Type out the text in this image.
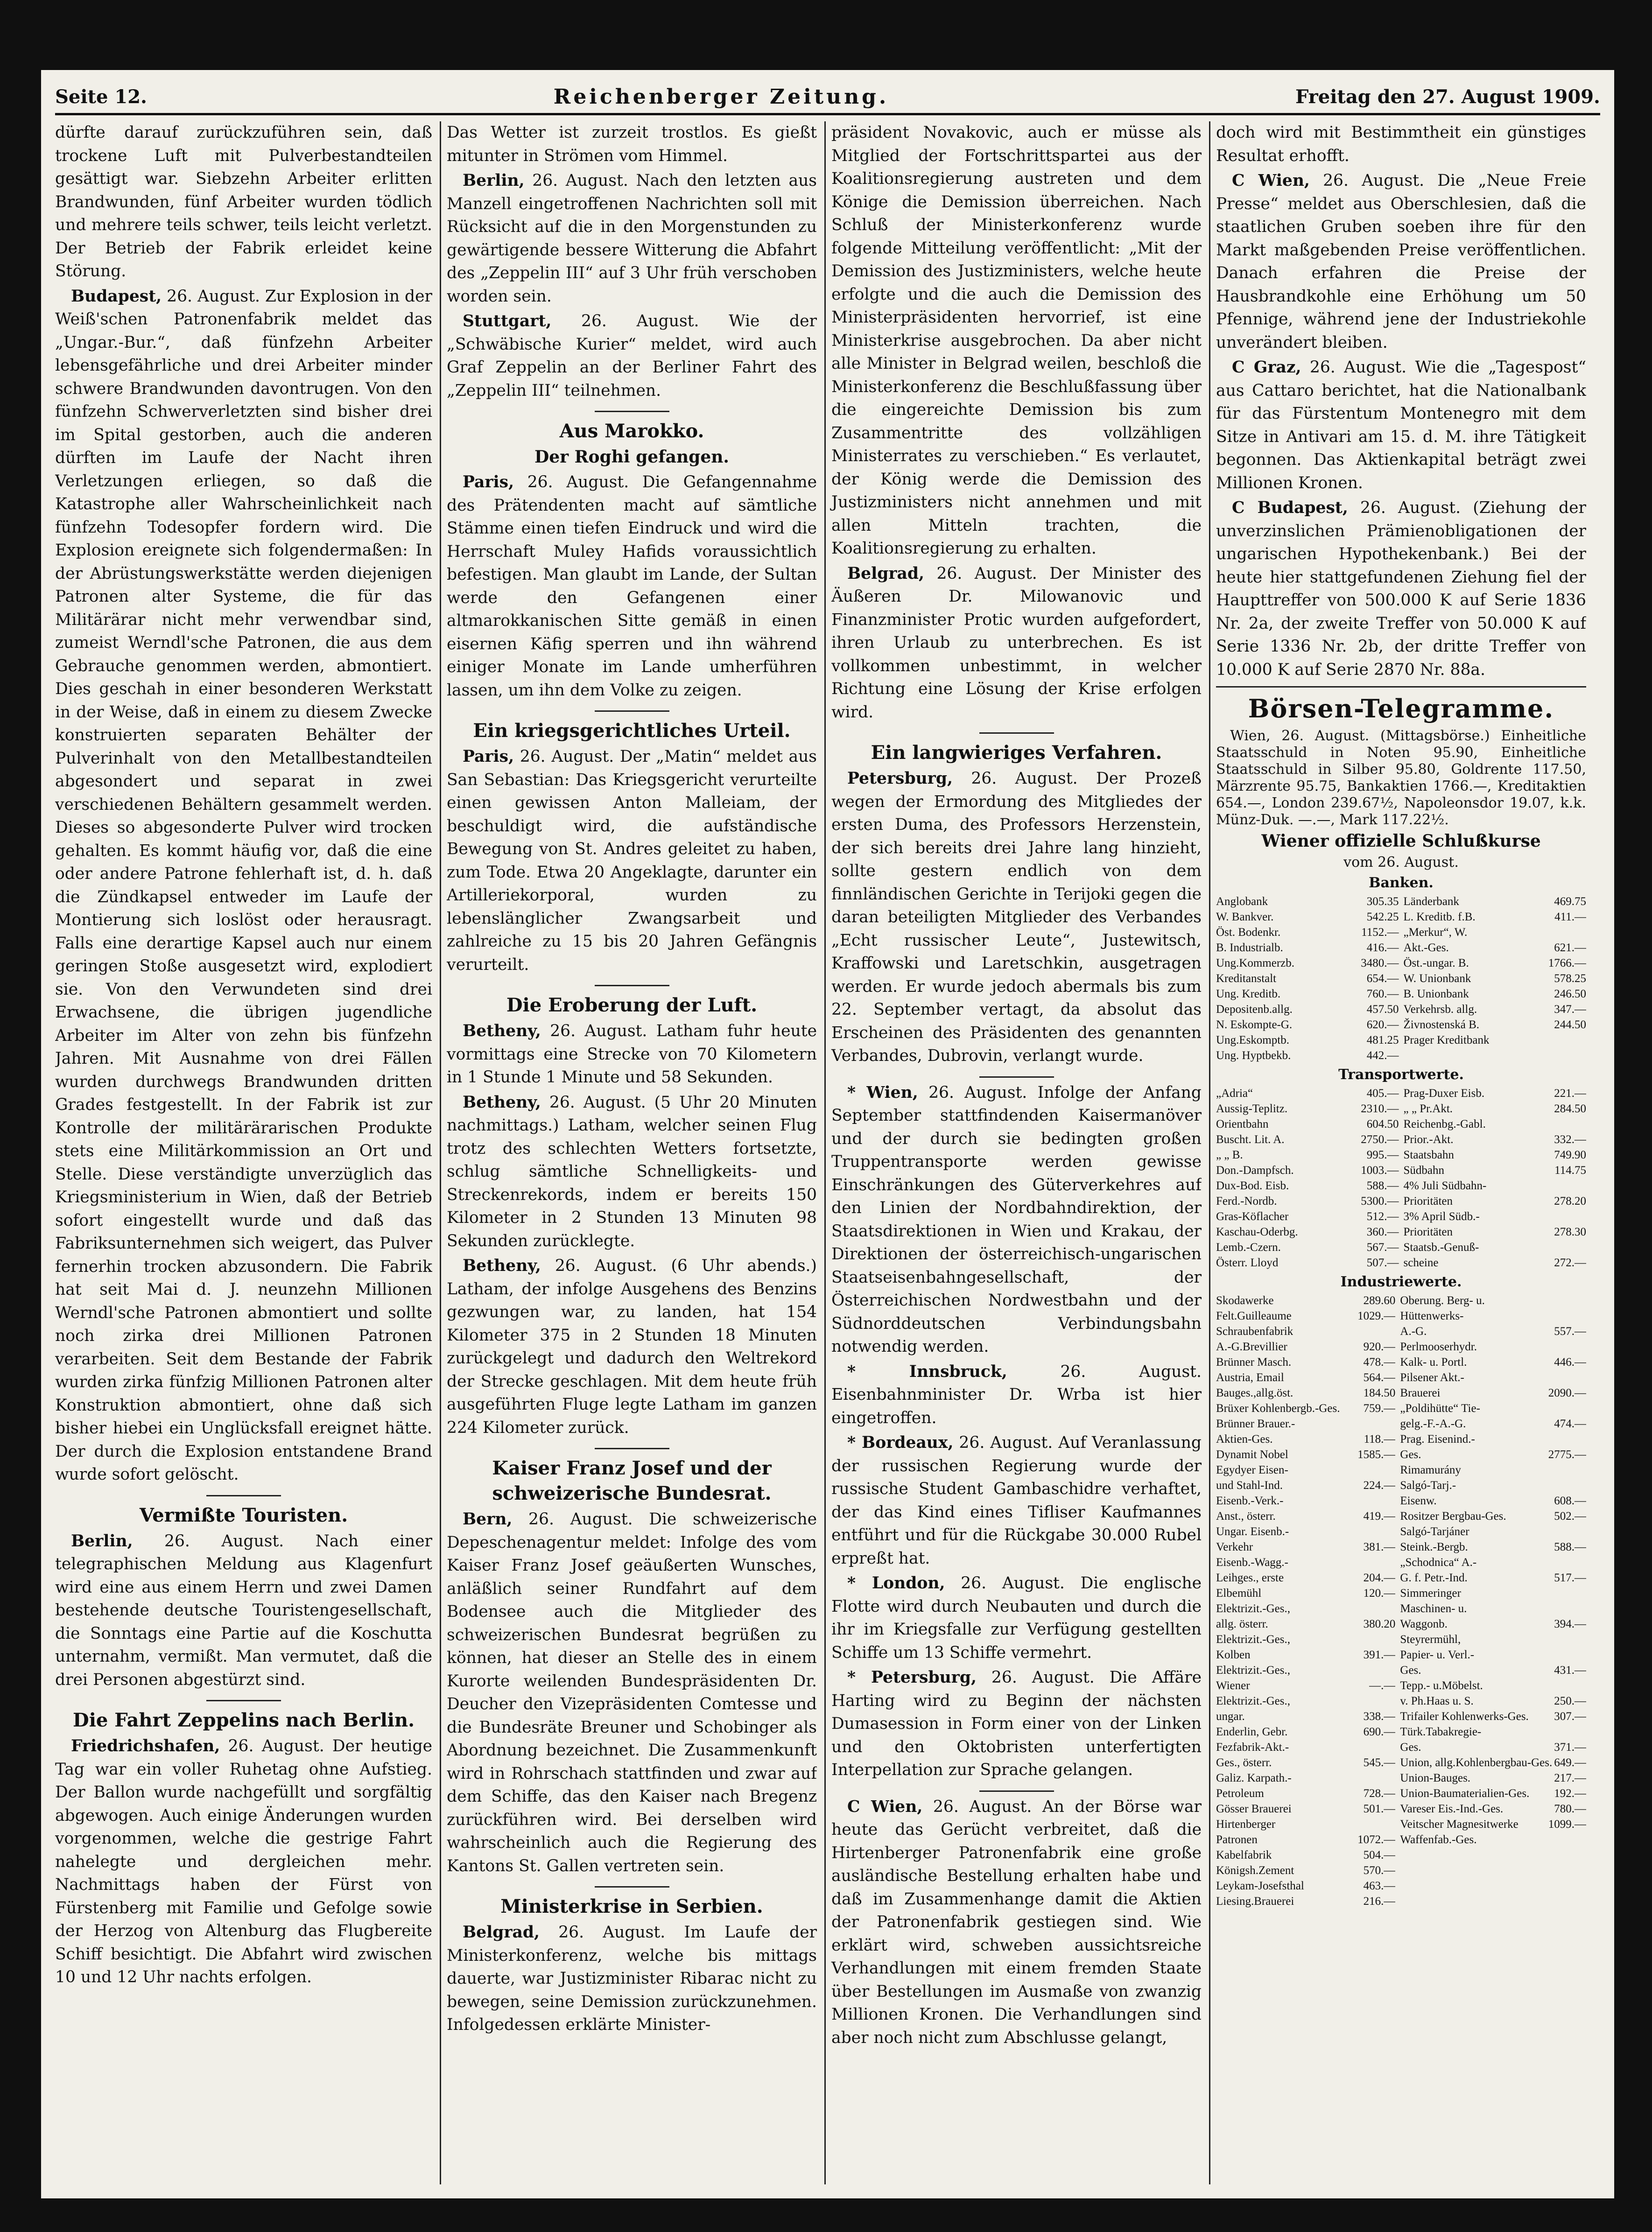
Seite 12.	Reichenberger Zeitung.	Freitag den 27. August 1909.

dürfte darauf zurückzuführen sein, daß trockene Luft mit Pulverbestandteilen gesättigt war. Siebzehn Arbeiter erlitten Brandwunden, fünf Arbeiter wurden tödlich und mehrere teils schwer, teils leicht verletzt. Der Betrieb der Fabrik erleidet keine Störung.

Budapest, 26. August. Zur Explosion in der Weiß'schen Patronenfabrik meldet das „Ungar.-Bur.“, daß fünfzehn Arbeiter lebensgefährliche und drei Arbeiter minder schwere Brandwunden davontrugen. Von den fünfzehn Schwerverletzten sind bisher drei im Spital gestorben, auch die anderen dürften im Laufe der Nacht ihren Verletzungen erliegen, so daß die Katastrophe aller Wahrscheinlichkeit nach fünfzehn Todesopfer fordern wird. Die Explosion ereignete sich folgendermaßen: In der Abrüstungswerkstätte werden diejenigen Patronen alter Systeme, die für das Militärärar nicht mehr verwendbar sind, zumeist Werndl'sche Patronen, die aus dem Gebrauche genommen werden, abmontiert. Dies geschah in einer besonderen Werkstatt in der Weise, daß in einem zu diesem Zwecke konstruierten separaten Behälter der Pulverinhalt von den Metallbestandteilen abgesondert und separat in zwei verschiedenen Behältern gesammelt werden. Dieses so abgesonderte Pulver wird trocken gehalten. Es kommt häufig vor, daß die eine oder andere Patrone fehlerhaft ist, d. h. daß die Zündkapsel entweder im Laufe der Montierung sich loslöst oder herausragt. Falls eine derartige Kapsel auch nur einem geringen Stoße ausgesetzt wird, explodiert sie. Von den Verwundeten sind drei Erwachsene, die übrigen jugendliche Arbeiter im Alter von zehn bis fünfzehn Jahren. Mit Ausnahme von drei Fällen wurden durchwegs Brandwunden dritten Grades festgestellt. In der Fabrik ist zur Kontrolle der militärärarischen Produkte stets eine Militärkommission an Ort und Stelle. Diese verständigte unverzüglich das Kriegsministerium in Wien, daß der Betrieb sofort eingestellt wurde und daß das Fabriksunternehmen sich weigert, das Pulver fernerhin trocken abzusondern. Die Fabrik hat seit Mai d. J. neunzehn Millionen Werndl'sche Patronen abmontiert und sollte noch zirka drei Millionen Patronen verarbeiten. Seit dem Bestande der Fabrik wurden zirka fünfzig Millionen Patronen alter Konstruktion abmontiert, ohne daß sich bisher hiebei ein Unglücksfall ereignet hätte. Der durch die Explosion entstandene Brand wurde sofort gelöscht.

Vermißte Touristen.

Berlin, 26. August. Nach einer telegraphischen Meldung aus Klagenfurt wird eine aus einem Herrn und zwei Damen bestehende deutsche Touristengesellschaft, die Sonntags eine Partie auf die Koschutta unternahm, vermißt. Man vermutet, daß die drei Personen abgestürzt sind.

Die Fahrt Zeppelins nach Berlin.

Friedrichshafen, 26. August. Der heutige Tag war ein voller Ruhetag ohne Aufstieg. Der Ballon wurde nachgefüllt und sorgfältig abgewogen. Auch einige Änderungen wurden vorgenommen, welche die gestrige Fahrt nahelegte und dergleichen mehr. Nachmittags haben der Fürst von Fürstenberg mit Familie und Gefolge sowie der Herzog von Altenburg das Flugbereite Schiff besichtigt. Die Abfahrt wird zwischen 10 und 12 Uhr nachts erfolgen.

Das Wetter ist zurzeit trostlos. Es gießt mitunter in Strömen vom Himmel.

Berlin, 26. August. Nach den letzten aus Manzell eingetroffenen Nachrichten soll mit Rücksicht auf die in den Morgenstunden zu gewärtigende bessere Witterung die Abfahrt des „Zeppelin III“ auf 3 Uhr früh verschoben worden sein.

Stuttgart, 26. August. Wie der „Schwäbische Kurier“ meldet, wird auch Graf Zeppelin an der Berliner Fahrt des „Zeppelin III“ teilnehmen.

Aus Marokko.
Der Roghi gefangen.

Paris, 26. August. Die Gefangennahme des Prätendenten macht auf sämtliche Stämme einen tiefen Eindruck und wird die Herrschaft Muley Hafids voraussichtlich befestigen. Man glaubt im Lande, der Sultan werde den Gefangenen einer altmarokkanischen Sitte gemäß in einen eisernen Käfig sperren und ihn während einiger Monate im Lande umherführen lassen, um ihn dem Volke zu zeigen.

Ein kriegsgerichtliches Urteil.

Paris, 26. August. Der „Matin“ meldet aus San Sebastian: Das Kriegsgericht verurteilte einen gewissen Anton Malleiam, der beschuldigt wird, die aufständische Bewegung von St. Andres geleitet zu haben, zum Tode. Etwa 20 Angeklagte, darunter ein Artilleriekorporal, wurden zu lebenslänglicher Zwangsarbeit und zahlreiche zu 15 bis 20 Jahren Gefängnis verurteilt.

Die Eroberung der Luft.

Betheny, 26. August. Latham fuhr heute vormittags eine Strecke von 70 Kilometern in 1 Stunde 1 Minute und 58 Sekunden.

Betheny, 26. August. (5 Uhr 20 Minuten nachmittags.) Latham, welcher seinen Flug trotz des schlechten Wetters fortsetzte, schlug sämtliche Schnelligkeits- und Streckenrekords, indem er bereits 150 Kilometer in 2 Stunden 13 Minuten 98 Sekunden zurücklegte.

Betheny, 26. August. (6 Uhr abends.) Latham, der infolge Ausgehens des Benzins gezwungen war, zu landen, hat 154 Kilometer 375 in 2 Stunden 18 Minuten zurückgelegt und dadurch den Weltrekord der Strecke geschlagen. Mit dem heute früh ausgeführten Fluge legte Latham im ganzen 224 Kilometer zurück.

Kaiser Franz Josef und der schweizerische Bundesrat.

Bern, 26. August. Die schweizerische Depeschenagentur meldet: Infolge des vom Kaiser Franz Josef geäußerten Wunsches, anläßlich seiner Rundfahrt auf dem Bodensee auch die Mitglieder des schweizerischen Bundesrat begrüßen zu können, hat dieser an Stelle des in einem Kurorte weilenden Bundespräsidenten Dr. Deucher den Vizepräsidenten Comtesse und die Bundesräte Breuner und Schobinger als Abordnung bezeichnet. Die Zusammenkunft wird in Rohrschach stattfinden und zwar auf dem Schiffe, das den Kaiser nach Bregenz zurückführen wird. Bei derselben wird wahrscheinlich auch die Regierung des Kantons St. Gallen vertreten sein.

Ministerkrise in Serbien.

Belgrad, 26. August. Im Laufe der Ministerkonferenz, welche bis mittags dauerte, war Justizminister Ribarac nicht zu bewegen, seine Demission zurückzunehmen. Infolgedessen erklärte Minister-

präsident Novakovic, auch er müsse als Mitglied der Fortschrittspartei aus der Koalitionsregierung austreten und dem Könige die Demission überreichen. Nach Schluß der Ministerkonferenz wurde folgende Mitteilung veröffentlicht: „Mit der Demission des Justizministers, welche heute erfolgte und die auch die Demission des Ministerpräsidenten hervorrief, ist eine Ministerkrise ausgebrochen. Da aber nicht alle Minister in Belgrad weilen, beschloß die Ministerkonferenz die Beschlußfassung über die eingereichte Demission bis zum Zusammentritte des vollzähligen Ministerrates zu verschieben.“ Es verlautet, der König werde die Demission des Justizministers nicht annehmen und mit allen Mitteln trachten, die Koalitionsregierung zu erhalten.

Belgrad, 26. August. Der Minister des Äußeren Dr. Milowanovic und Finanzminister Protic wurden aufgefordert, ihren Urlaub zu unterbrechen. Es ist vollkommen unbestimmt, in welcher Richtung eine Lösung der Krise erfolgen wird.

Ein langwieriges Verfahren.

Petersburg, 26. August. Der Prozeß wegen der Ermordung des Mitgliedes der ersten Duma, des Professors Herzenstein, der sich bereits drei Jahre lang hinzieht, sollte gestern endlich von dem finnländischen Gerichte in Terijoki gegen die daran beteiligten Mitglieder des Verbandes „Echt russischer Leute“, Justewitsch, Kraffowski und Laretschkin, ausgetragen werden. Er wurde jedoch abermals bis zum 22. September vertagt, da absolut das Erscheinen des Präsidenten des genannten Verbandes, Dubrovin, verlangt wurde.

* Wien, 26. August. Infolge der Anfang September stattfindenden Kaisermanöver und der durch sie bedingten großen Truppentransporte werden gewisse Einschränkungen des Güterverkehres auf den Linien der Nordbahndirektion, der Staatsdirektionen in Wien und Krakau, der Direktionen der österreichisch-ungarischen Staatseisenbahngesellschaft, der Österreichischen Nordwestbahn und der Südnorddeutschen Verbindungsbahn notwendig werden.

* Innsbruck, 26. August. Eisenbahnminister Dr. Wrba ist hier eingetroffen.

* Bordeaux, 26. August. Auf Veranlassung der russischen Regierung wurde der russische Student Gambaschidre verhaftet, der das Kind eines Tifliser Kaufmannes entführt und für die Rückgabe 30.000 Rubel erpreßt hat.

* London, 26. August. Die englische Flotte wird durch Neubauten und durch die ihr im Kriegsfalle zur Verfügung gestellten Schiffe um 13 Schiffe vermehrt.

* Petersburg, 26. August. Die Affäre Harting wird zu Beginn der nächsten Dumasession in Form einer von der Linken und den Oktobristen unterfertigten Interpellation zur Sprache gelangen.

C Wien, 26. August. An der Börse war heute das Gerücht verbreitet, daß die Hirtenberger Patronenfabrik eine große ausländische Bestellung erhalten habe und daß im Zusammenhange damit die Aktien der Patronenfabrik gestiegen sind. Wie erklärt wird, schweben aussichtsreiche Verhandlungen mit einem fremden Staate über Bestellungen im Ausmaße von zwanzig Millionen Kronen. Die Verhandlungen sind aber noch nicht zum Abschlusse gelangt,

doch wird mit Bestimmtheit ein günstiges Resultat erhofft.

C Wien, 26. August. Die „Neue Freie Presse“ meldet aus Oberschlesien, daß die staatlichen Gruben soeben ihre für den Markt maßgebenden Preise veröffentlichen. Danach erfahren die Preise der Hausbrandkohle eine Erhöhung um 50 Pfennige, während jene der Industriekohle unverändert bleiben.

C Graz, 26. August. Wie die „Tagespost“ aus Cattaro berichtet, hat die Nationalbank für das Fürstentum Montenegro mit dem Sitze in Antivari am 15. d. M. ihre Tätigkeit begonnen. Das Aktienkapital beträgt zwei Millionen Kronen.

C Budapest, 26. August. (Ziehung der unverzinslichen Prämienobligationen der ungarischen Hypothekenbank.) Bei der heute hier stattgefundenen Ziehung fiel der Haupttreffer von 500.000 K auf Serie 1836 Nr. 2a, der zweite Treffer von 50.000 K auf Serie 1336 Nr. 2b, der dritte Treffer von 10.000 K auf Serie 2870 Nr. 88a.

Börsen-Telegramme.
Wien, 26. August. (Mittagsbörse.) Einheitliche Staatsschuld in Noten 95.90, Einheitliche Staatsschuld in Silber 95.80, Goldrente 117.50, Märzrente 95.75, Bankaktien 1766.—, Kreditaktien 654.—, London 239.67½, Napoleonsdor 19.07, k.k. Münz-Duk. —.—, Mark 117.22½.
Wiener offizielle Schlußkurse
vom 26. August.
Banken.
Anglobank	305.35
W. Bankver.	542.25
Öst. Bodenkr.	1152.—
B. Industrialb.	416.—
Ung.Kommerzb.	3480.—
Kreditanstalt	654.—
Ung. Kreditb.	760.—
Depositenb.allg.	457.50
N. Eskompte-G.	620.—
Ung.Eskomptb.	481.25
Ung. Hyptbekb.	442.—
Länderbank	469.75
L. Kreditb. f.B.	411.—
„Merkur“, W.
Akt.-Ges.	621.—
Öst.-ungar. B.	1766.—
W. Unionbank	578.25
B. Unionbank	246.50
Verkehrsb. allg.	347.—
Živnostenská B.	244.50
Prager Kreditbank
Transportwerte.
„Adria“	405.—
Aussig-Teplitz.	2310.—
Orientbahn	604.50
Buscht. Lit. A.	2750.—
„ „ B.	995.—
Don.-Dampfsch.	1003.—
Dux-Bod. Eisb.	588.—
Ferd.-Nordb.	5300.—
Gras-Köflacher	512.—
Kaschau-Oderbg.	360.—
Lemb.-Czern.	567.—
Österr. Lloyd	507.—
Prag-Duxer Eisb.	221.—
„ „ Pr.Akt.	284.50
Reichenbg.-Gabl.
Prior.-Akt.	332.—
Staatsbahn	749.90
Südbahn	114.75
4% Juli Südbahn-
Prioritäten	278.20
3% April Südb.-
Prioritäten	278.30
Staatsb.-Genuß-
scheine	272.—
Industriewerte.
Skodawerke	289.60
Felt.Guilleaume	1029.—
Schraubenfabrik
A.-G.Brevillier	920.—
Brünner Masch.	478.—
Austria, Email	564.—
Bauges.,allg.öst.	184.50
Brüxer Kohlenbergb.-Ges. 759.—
Brünner Brauer.-
Aktien-Ges.	118.—
Dynamit Nobel	1585.—
Egydyer Eisen-
und Stahl-Ind.	224.—
Eisenb.-Verk.-
Anst., österr.	419.—
Ungar. Eisenb.-
Verkehr	381.—
Eisenb.-Wagg.-
Leihges., erste	204.—
Elbemühl	120.—
Elektrizit.-Ges.,
allg. österr.	380.20
Elektrizit.-Ges.,
Kolben	391.—
Elektrizit.-Ges.,
Wiener	—.—
Elektrizit.-Ges.,
ungar.	338.—
Enderlin, Gebr.	690.—
Fezfabrik-Akt.-
Ges., österr.	545.—
Galiz. Karpath.-
Petroleum	728.—
Gösser Brauerei	501.—
Hirtenberger
Patronen	1072.—
Kabelfabrik	504.—
Königsh.Zement	570.—
Leykam-Josefsthal	463.—
Liesing.Brauerei	216.—
Oberung. Berg- u.
Hüttenwerks-
A.-G.	557.—
Perlmooserhydr.
Kalk- u. Portl.	446.—
Pilsener Akt.-
Brauerei	2090.—
„Poldihütte“ Tie-
gelg.-F.-A.-G.	474.—
Prag. Eisenind.-
Ges.	2775.—
Rimamurány
Salgó-Tarj.-
Eisenw.	608.—
Rositzer Bergbau-Ges.	502.—
Salgó-Tarjáner
Steink.-Bergb.	588.—
„Schodnica“ A.-
G. f. Petr.-Ind.	517.—
Simmeringer
Maschinen- u.
Waggonb.	394.—
Steyrermühl,
Papier- u. Verl.-
Ges.	431.—
Tepp.- u.Möbelst.
v. Ph.Haas u. S.	250.—
Trifailer Kohlenwerks-Ges. 307.—
Türk.Tabakregie-
Ges.	371.—
Union, allg.Kohlenbergbau-Ges. 649.—
Union-Bauges.	217.—
Union-Baumaterialien-Ges. 192.—
Vareser Eis.-Ind.-Ges.	780.—
Veitscher Magnesitwerke	1099.—
Waffenfab.-Ges.
